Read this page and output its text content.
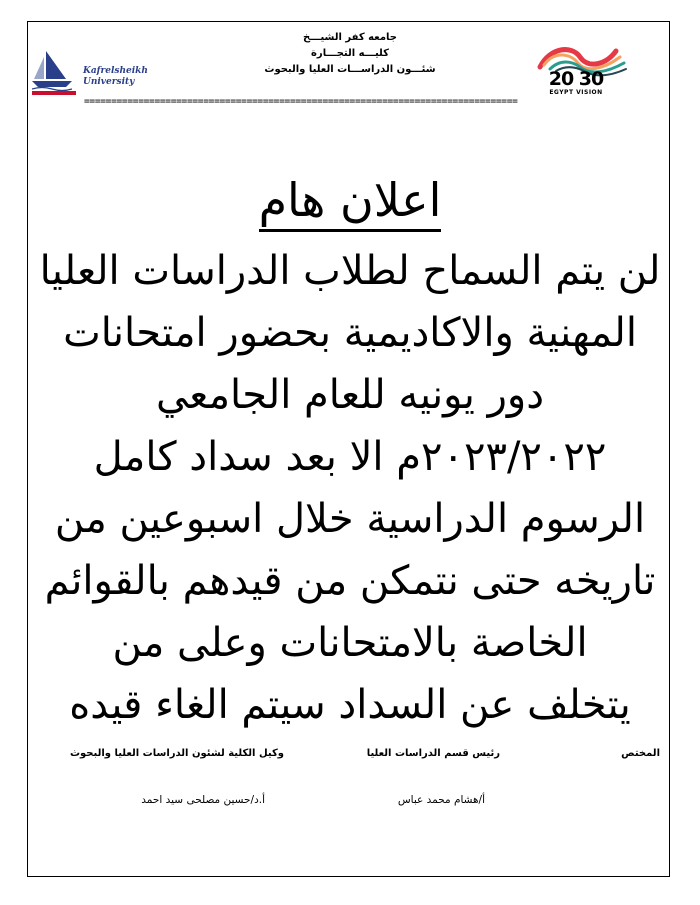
جامعه كفر الشيـــخ
كليـــه التجـــارة
شئـــون الدراســـات العليا والبحوث
================================================================================
Kafrelsheikh
University	20 30
EGYPT VISION
اعلان هام
لن يتم السماح لطلاب الدراسات العليا
المهنية والاكاديمية بحضور امتحانات
دور يونيه للعام الجامعي
٢٠٢٣/٢٠٢٢م الا بعد سداد كامل
الرسوم الدراسية خلال اسبوعين من
تاريخه حتى نتمكن من قيدهم بالقوائم
الخاصة بالامتحانات وعلى من
يتخلف عن السداد سيتم الغاء قيده
المختص
رئيس قسم الدراسات العليا
وكيل الكلية لشئون الدراسات العليا والبحوث
أ/هشام محمد عباس
أ.د/حسين مصلحى سيد احمد
